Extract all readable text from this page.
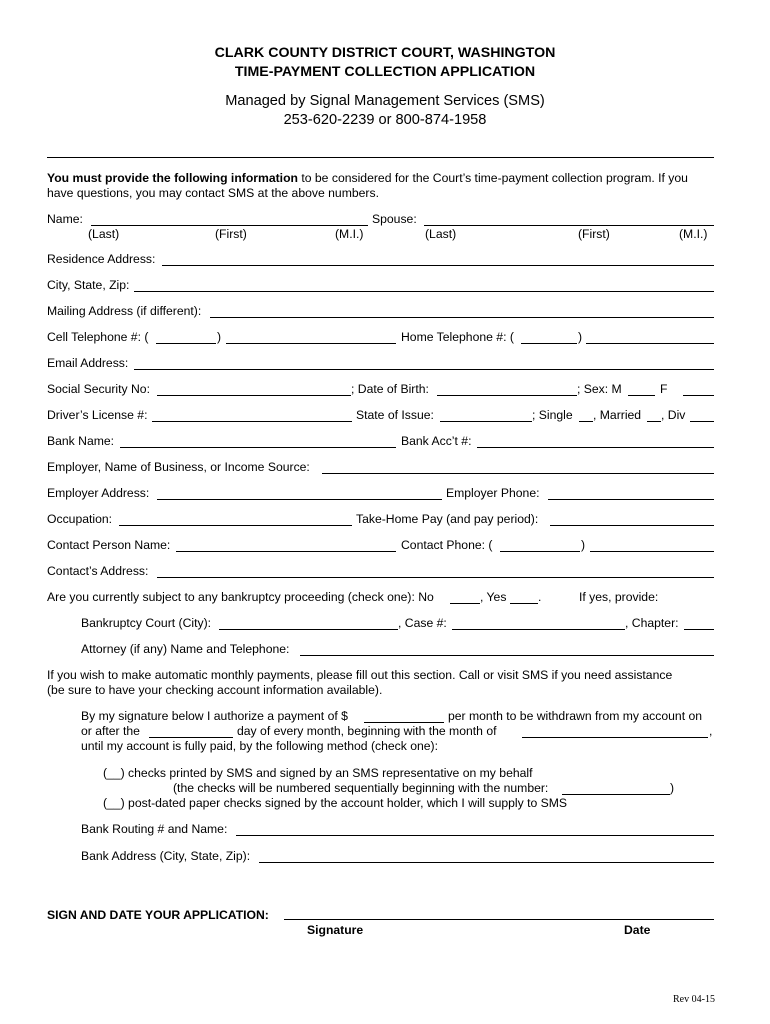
CLARK COUNTY DISTRICT COURT, WASHINGTON
TIME-PAYMENT COLLECTION APPLICATION
Managed by Signal Management Services (SMS)
253-620-2239 or 800-874-1958
You must provide the following information to be considered for the Court’s time-payment collection program. If you
have questions, you may contact SMS at the above numbers.
Name:	Spouse:
(Last)	(First)	(M.I.)	(Last)	(First)	(M.I.)
Residence Address:
City, State, Zip:
Mailing Address (if different):
Cell Telephone #: (	)	Home Telephone #: (	)
Email Address:
Social Security No:	; Date of Birth:	; Sex: M	F
Driver’s License #:	State of Issue:	; Single , Married , Div
Bank Name:	Bank Acc’t #:
Employer, Name of Business, or Income Source:
Employer Address:	Employer Phone:
Occupation:	Take-Home Pay (and pay period):
Contact Person Name:	Contact Phone: (	)
Contact’s Address:
Are you currently subject to any bankruptcy proceeding (check one): No	, Yes	.	If yes, provide:
Bankruptcy Court (City):	, Case #:	, Chapter:
Attorney (if any) Name and Telephone:
If you wish to make automatic monthly payments, please fill out this section. Call or visit SMS if you need assistance
(be sure to have your checking account information available).
By my signature below I authorize a payment of $	per month to be withdrawn from my account on
or after the	day of every month, beginning with the month of	,
until my account is fully paid, by the following method (check one):
(__) checks printed by SMS and signed by an SMS representative on my behalf
(the checks will be numbered sequentially beginning with the number:	)
(__) post-dated paper checks signed by the account holder, which I will supply to SMS
Bank Routing # and Name:
Bank Address (City, State, Zip):
SIGN AND DATE YOUR APPLICATION:
Signature	Date
Rev 04-15
